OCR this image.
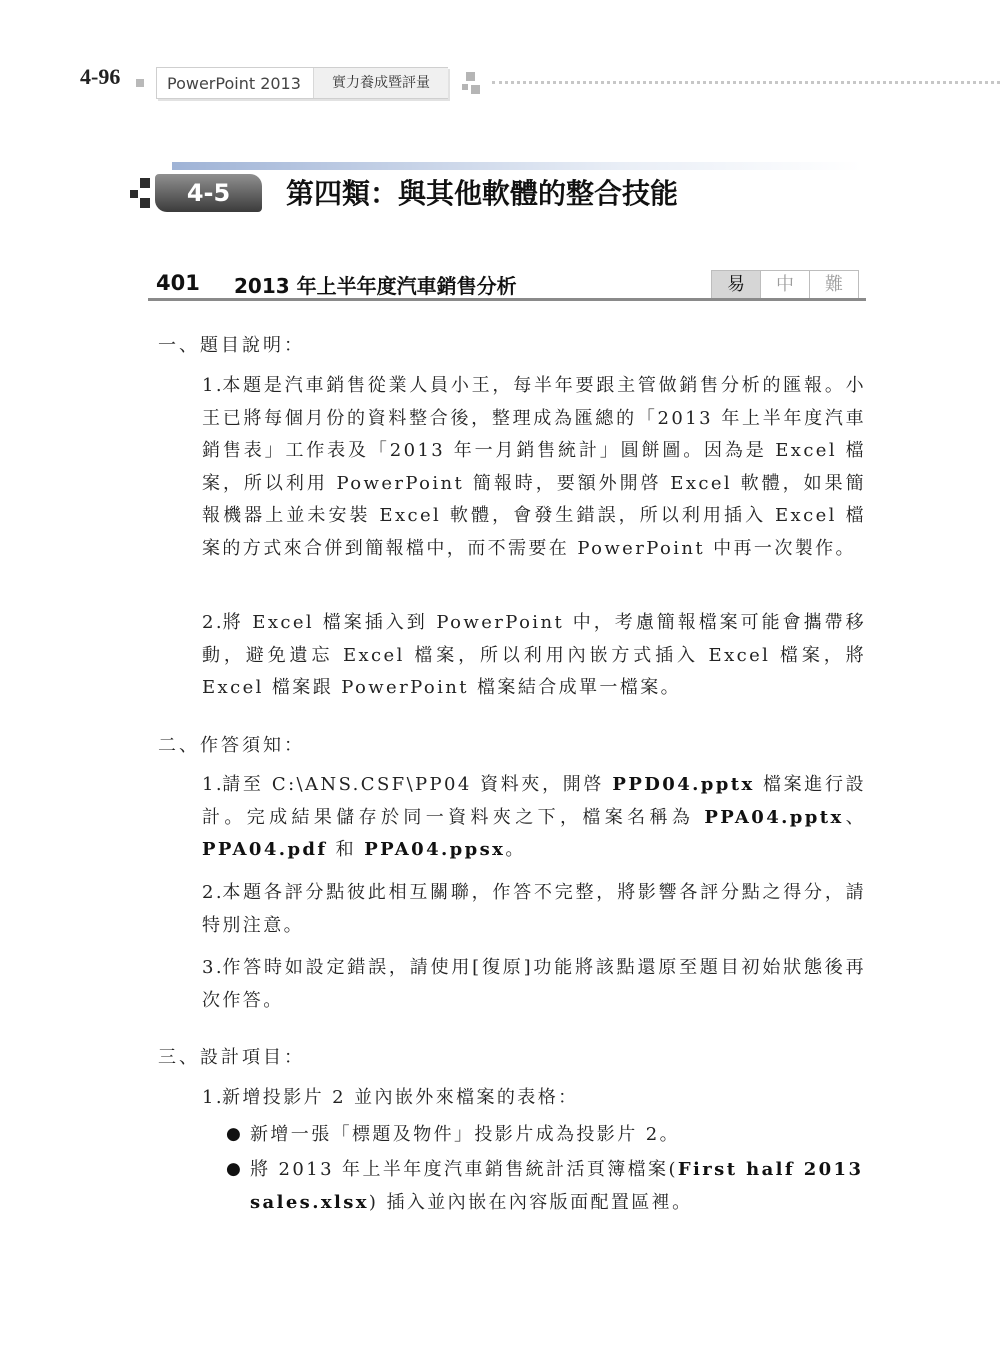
4-96	PowerPoint 2013	實力養成暨評量
4-5	第四類：與其他軟體的整合技能
401 2013 年上半年度汽車銷售分析	易	中	難
一、題目說明：
1.本題是汽車銷售從業人員小王，每半年要跟主管做銷售分析的匯報。小王已將每個月份的資料整合後，整理成為匯總的「2013 年上半年度汽車銷售表」工作表及「2013 年一月銷售統計」圓餅圖。因為是 Excel 檔案，所以利用 PowerPoint 簡報時，要額外開啓 Excel 軟體，如果簡報機器上並未安裝 Excel 軟體，會發生錯誤，所以利用插入 Excel 檔案的方式來合併到簡報檔中，而不需要在 PowerPoint 中再一次製作。
2.將 Excel 檔案插入到 PowerPoint 中，考慮簡報檔案可能會攜帶移動，避免遺忘 Excel 檔案，所以利用內嵌方式插入 Excel 檔案，將 Excel 檔案跟 PowerPoint 檔案結合成單一檔案。
二、作答須知：
1.請至 C:\ANS.CSF\PP04 資料夾，開啓 PPD04.pptx 檔案進行設計。完成結果儲存於同一資料夾之下，檔案名稱為 PPA04.pptx、PPA04.pdf 和 PPA04.ppsx。
2.本題各評分點彼此相互關聯，作答不完整，將影響各評分點之得分，請特別注意。
3.作答時如設定錯誤，請使用[復原]功能將該點還原至題目初始狀態後再次作答。
三、設計項目：
1.新增投影片 2 並內嵌外來檔案的表格：
● 新增一張「標題及物件」投影片成為投影片 2。
● 將 2013 年上半年度汽車銷售統計活頁簿檔案(First half 2013 sales.xlsx) 插入並內嵌在內容版面配置區裡。
